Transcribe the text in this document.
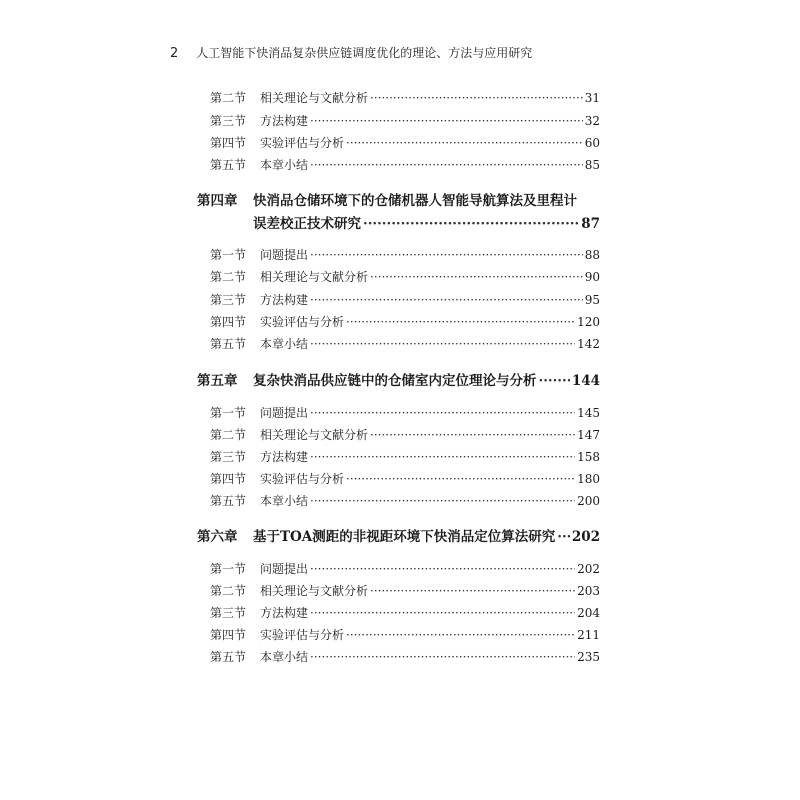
2 人工智能下快消品复杂供应链调度优化的理论、方法与应用研究
第二节	相关理论与文献分析 ·····	31
第三节	方法构建 ·····	32
第四节	实验评估与分析 ·····	60
第五节	本章小结 ·····	85
第四章 快消品仓储环境下的仓储机器人智能导航算法及里程计
误差校正技术研究 ·····	87
第一节	问题提出 ·····	88
第二节	相关理论与文献分析 ·····	90
第三节	方法构建 ·····	95
第四节	实验评估与分析 ·····	120
第五节	本章小结 ·····	142
第五章	复杂快消品供应链中的仓储室内定位理论与分析 ·····	144
第一节	问题提出 ·····	145
第二节	相关理论与文献分析 ·····	147
第三节	方法构建 ·····	158
第四节	实验评估与分析 ·····	180
第五节	本章小结 ·····	200
第六章	基于TOA测距的非视距环境下快消品定位算法研究 ····· 202
第一节	问题提出 ·····	202
第二节	相关理论与文献分析 ·····	203
第三节	方法构建 ·····	204
第四节	实验评估与分析 ·····	211
第五节	本章小结 ·····	235
